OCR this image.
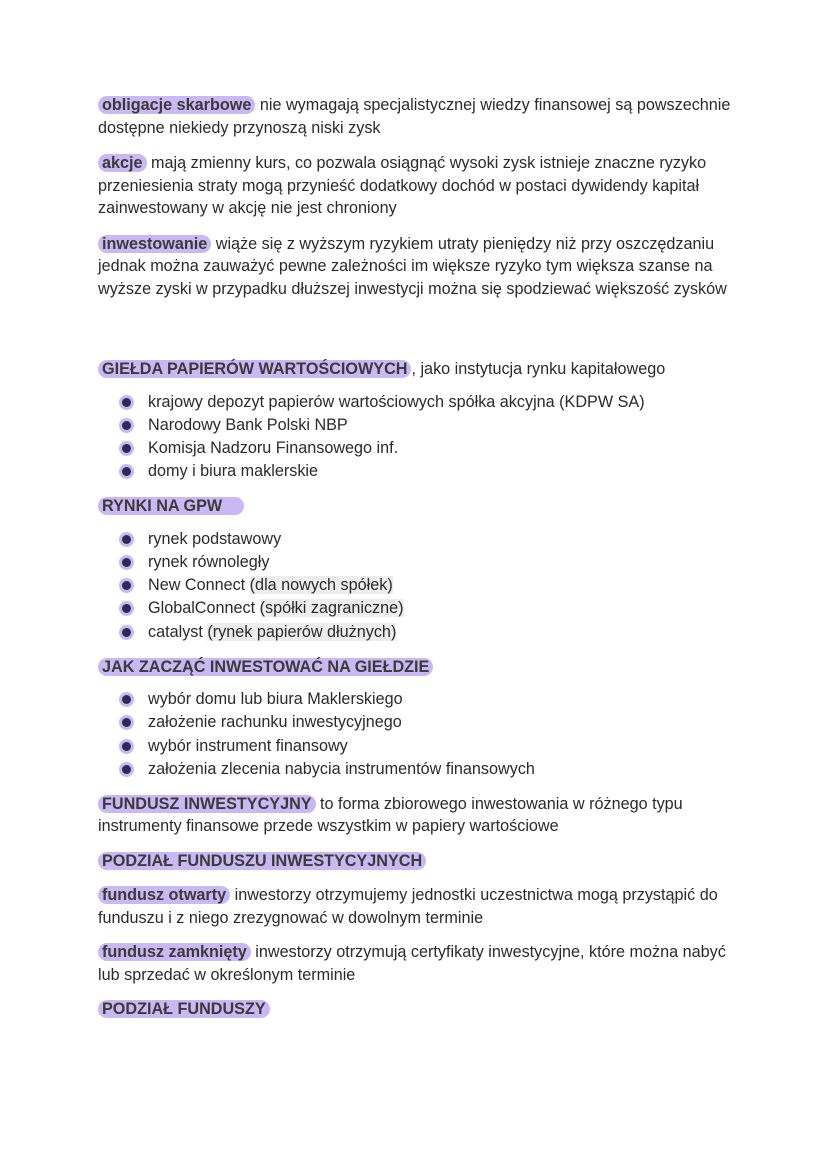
obligacje skarbowe nie wymagają specjalistycznej wiedzy finansowej są powszechnie dostępne niekiedy przynoszą niski zysk

akcje mają zmienny kurs, co pozwala osiągnąć wysoki zysk istnieje znaczne ryzyko przeniesienia straty mogą przynieść dodatkowy dochód w postaci dywidendy kapitał zainwestowany w akcję nie jest chroniony

inwestowanie wiąże się z wyższym ryzykiem utraty pieniędzy niż przy oszczędzaniu jednak można zauważyć pewne zależności im większe ryzyko tym większa szanse na wyższe zyski w przypadku dłuższej inwestycji można się spodziewać większość zysków

GIEŁDA PAPIERÓW WARTOŚCIOWYCH , jako instytucja rynku kapitałowego

krajowy depozyt papierów wartościowych spółka akcyjna (KDPW SA)
Narodowy Bank Polski NBP
Komisja Nadzoru Finansowego inf.
domy i biura maklerskie

RYNKI NA GPW

rynek podstawowy
rynek równoległy
New Connect (dla nowych spółek)
GlobalConnect (spółki zagraniczne)
catalyst (rynek papierów dłużnych)

JAK ZACZĄĆ INWESTOWAĆ NA GIEŁDZIE

wybór domu lub biura Maklerskiego
założenie rachunku inwestycyjnego
wybór instrument finansowy
założenia zlecenia nabycia instrumentów finansowych

FUNDUSZ INWESTYCYJNY to forma zbiorowego inwestowania w różnego typu instrumenty finansowe przede wszystkim w papiery wartościowe

PODZIAŁ FUNDUSZU INWESTYCYJNYCH

fundusz otwarty inwestorzy otrzymujemy jednostki uczestnictwa mogą przystąpić do funduszu i z niego zrezygnować w dowolnym terminie

fundusz zamknięty inwestorzy otrzymują certyfikaty inwestycyjne, które można nabyć lub sprzedać w określonym terminie

PODZIAŁ FUNDUSZY
